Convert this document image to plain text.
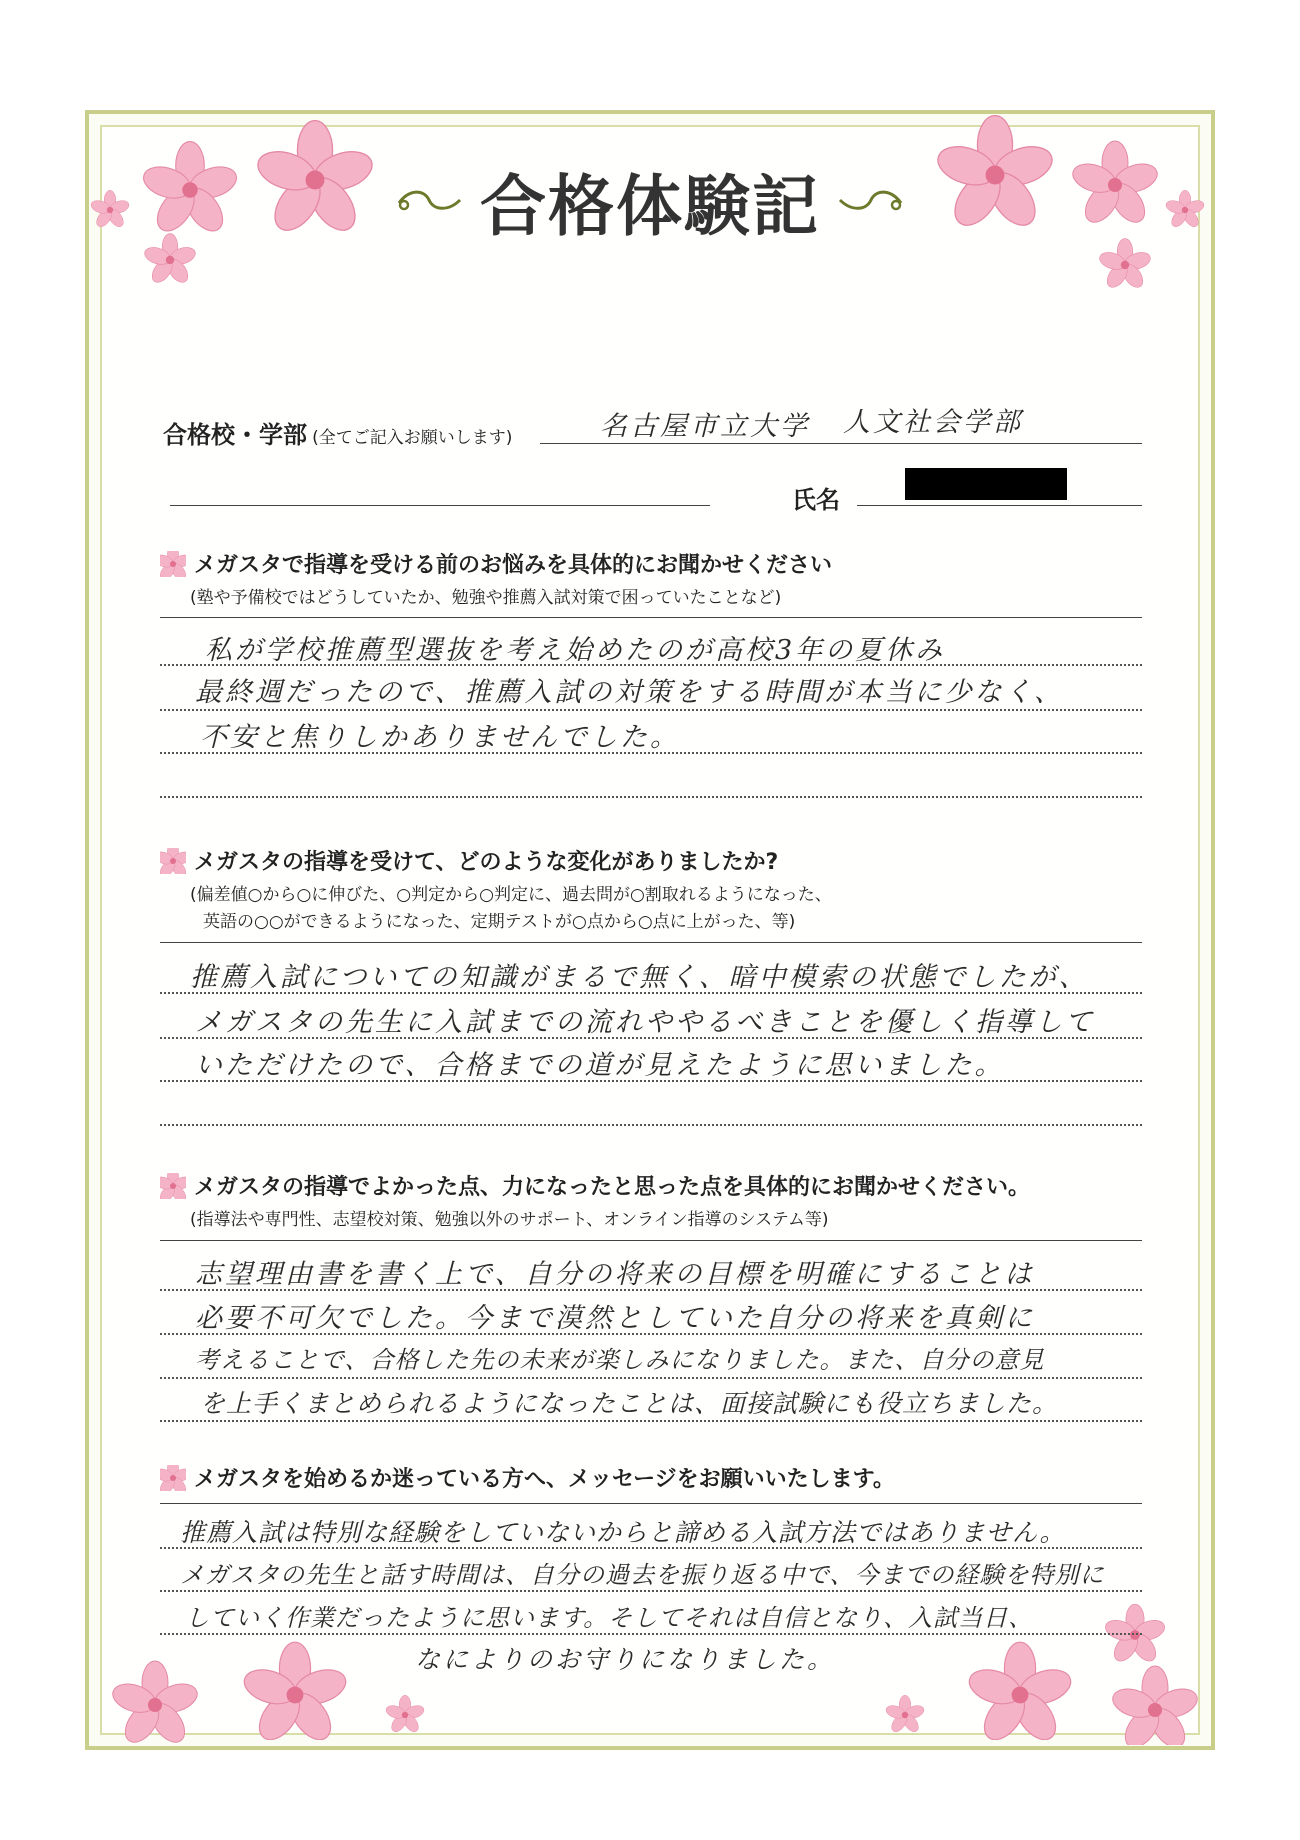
合格体験記
合格校・学部 (全てご記入お願いします)	名古屋市立大学 人文社会学部
氏名
メガスタで指導を受ける前のお悩みを具体的にお聞かせください
(塾や予備校ではどうしていたか、勉強や推薦入試対策で困っていたことなど)
私が学校推薦型選抜を考え始めたのが高校3年の夏休み
最終週だったので、推薦入試の対策をする時間が本当に少なく、
不安と焦りしかありませんでした。
メガスタの指導を受けて、どのような変化がありましたか?
(偏差値○から○に伸びた、○判定から○判定に、過去問が○割取れるようになった、
英語の○○ができるようになった、定期テストが○点から○点に上がった、等)
推薦入試についての知識がまるで無く、暗中模索の状態でしたが、
メガスタの先生に入試までの流れややるべきことを優しく指導して
いただけたので、合格までの道が見えたように思いました。
メガスタの指導でよかった点、力になったと思った点を具体的にお聞かせください。
(指導法や専門性、志望校対策、勉強以外のサポート、オンライン指導のシステム等)
志望理由書を書く上で、自分の将来の目標を明確にすることは
必要不可欠でした。今まで漠然としていた自分の将来を真剣に
考えることで、合格した先の未来が楽しみになりました。また、自分の意見
を上手くまとめられるようになったことは、面接試験にも役立ちました。
メガスタを始めるか迷っている方へ、メッセージをお願いいたします。
推薦入試は特別な経験をしていないからと諦める入試方法ではありません。
メガスタの先生と話す時間は、自分の過去を振り返る中で、今までの経験を特別に
していく作業だったように思います。そしてそれは自信となり、入試当日、
なによりのお守りになりました。
